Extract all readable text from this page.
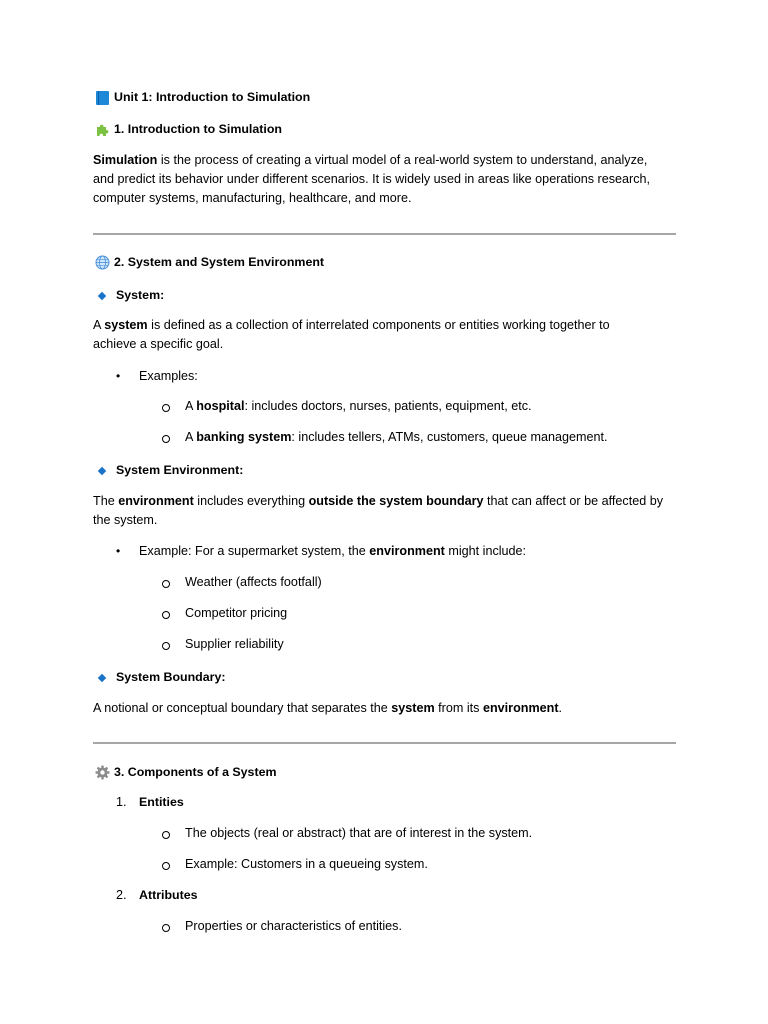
Unit 1: Introduction to Simulation
1. Introduction to Simulation
Simulation is the process of creating a virtual model of a real-world system to understand, analyze,
and predict its behavior under different scenarios. It is widely used in areas like operations research,
computer systems, manufacturing, healthcare, and more.
2. System and System Environment
System:
A system is defined as a collection of interrelated components or entities working together to
achieve a specific goal.
• Examples:
A hospital: includes doctors, nurses, patients, equipment, etc.
A banking system: includes tellers, ATMs, customers, queue management.
System Environment:
The environment includes everything outside the system boundary that can affect or be affected by
the system.
• Example: For a supermarket system, the environment might include:
Weather (affects footfall)
Competitor pricing
Supplier reliability
System Boundary:
A notional or conceptual boundary that separates the system from its environment.
3. Components of a System
1. Entities
The objects (real or abstract) that are of interest in the system.
Example: Customers in a queueing system.
2. Attributes
Properties or characteristics of entities.
